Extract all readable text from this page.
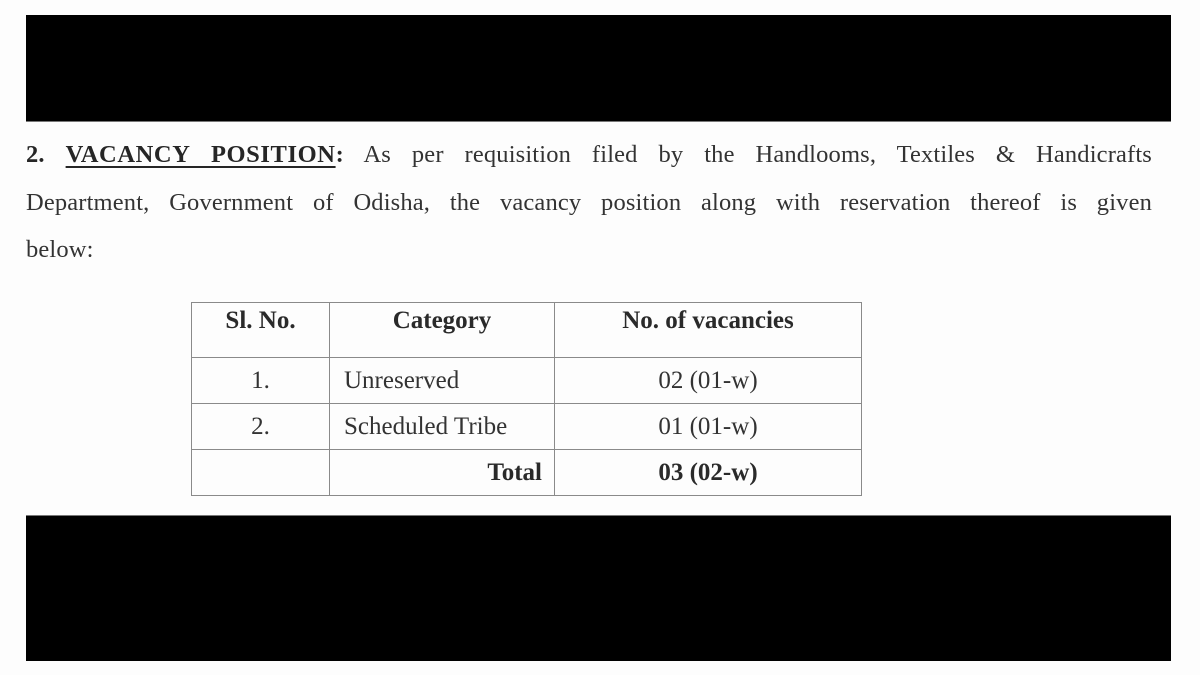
2. VACANCY POSITION: As per requisition filed by the Handlooms, Textiles & Handicrafts
Department, Government of Odisha, the vacancy position along with reservation thereof is given
below:
Sl. No.	Category	No. of vacancies
1.	Unreserved	02 (01-w)
2.	Scheduled Tribe	01 (01-w)
	Total	03 (02-w)
